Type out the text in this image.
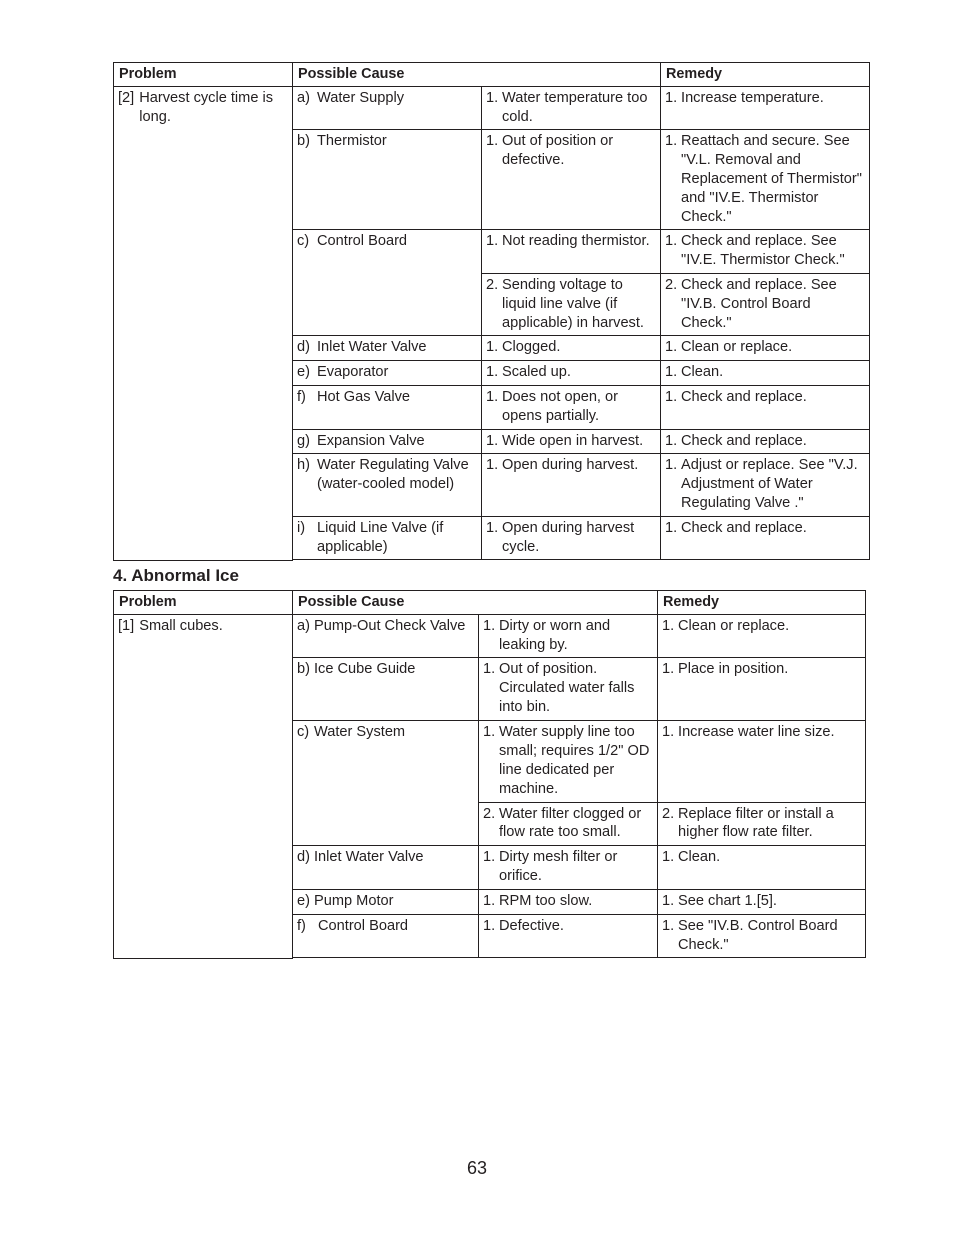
Problem	Possible Cause		Remedy

[2] Harvest cycle time is long.	a) Water Supply	1. Water temperature too cold.	1. Increase temperature.

	b) Thermistor	1. Out of position or defective.	1. Reattach and secure. See "V.L. Removal and Replacement of Thermistor" and "IV.E. Thermistor Check."

	c) Control Board	1. Not reading thermistor.	1. Check and replace. See "IV.E. Thermistor Check."

		2. Sending voltage to liquid line valve (if applicable) in harvest.	2. Check and replace. See "IV.B. Control Board Check."

	d) Inlet Water Valve	1. Clogged.	1. Clean or replace.

	e) Evaporator	1. Scaled up.	1. Clean.

	f) Hot Gas Valve	1. Does not open, or opens partially.	1. Check and replace.

	g) Expansion Valve	1. Wide open in harvest.	1. Check and replace.

	h) Water Regulating Valve (water-cooled model)	1. Open during harvest.	1. Adjust or replace. See "V.J. Adjustment of Water Regulating Valve ."

	i) Liquid Line Valve (if applicable)	1. Open during harvest cycle.	1. Check and replace.

4. Abnormal Ice
Problem	Possible Cause		Remedy

[1] Small cubes.	a) Pump-Out Check Valve	1. Dirty or worn and leaking by.	1. Clean or replace.

	b) Ice Cube Guide	1. Out of position. Circulated water falls into bin.	1. Place in position.

	c) Water System	1. Water supply line too small; requires 1/2" OD line dedicated per machine.	1. Increase water line size.

		2. Water filter clogged or flow rate too small.	2. Replace filter or install a higher flow rate filter.

	d) Inlet Water Valve	1. Dirty mesh filter or orifice.	1. Clean.

	e) Pump Motor	1. RPM too slow.	1. See chart 1.[5].

	f) Control Board	1. Defective.	1. See "IV.B. Control Board Check."

63
